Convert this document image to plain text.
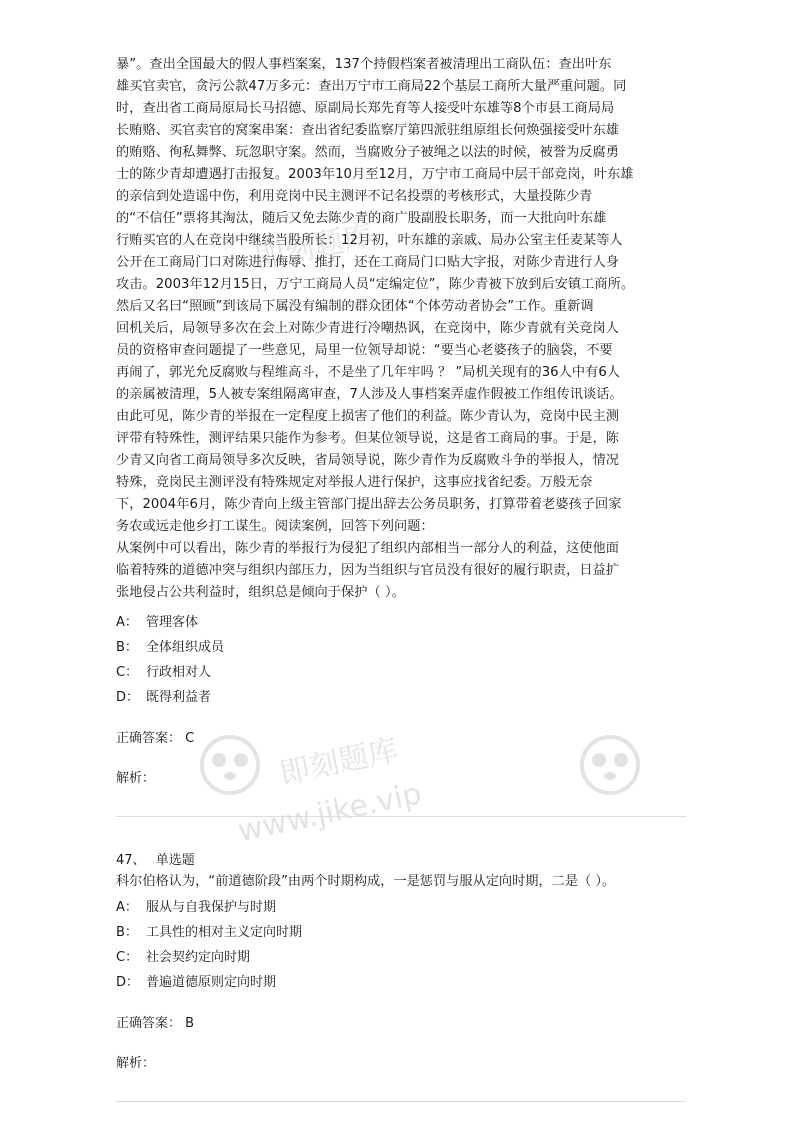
即刻题库
即刻题库
www.jike.vip

暴”。查出全国最大的假人事档案案，137个持假档案者被清理出工商队伍：查出叶东

雄买官卖官，贪污公款47万多元：查出万宁市工商局22个基层工商所大量严重问题。同

时，查出省工商局原局长马招德、原副局长郑先育等人接受叶东雄等8个市县工商局局

长贿赂、买官卖官的窝案串案：查出省纪委监察厅第四派驻组原组长何焕强接受叶东雄

的贿赂、徇私舞弊、玩忽职守案。然而，当腐败分子被绳之以法的时候，被誉为反腐勇

士的陈少青却遭遇打击报复。2003年10月至12月，万宁市工商局中层干部竞岗，叶东雄

的亲信到处造谣中伤，利用竞岗中民主测评不记名投票的考核形式，大量投陈少青

的“不信任”票将其淘汰，随后又免去陈少青的商广股副股长职务，而一大批向叶东雄

行贿买官的人在竞岗中继续当股所长：12月初，叶东雄的亲戚、局办公室主任麦某等人

公开在工商局门口对陈进行侮辱、推打，还在工商局门口贴大字报，对陈少青进行人身

攻击。2003年12月15日，万宁工商局人员“定编定位”，陈少青被下放到后安镇工商所。

然后又名曰“照顾”到该局下属没有编制的群众团体“个体劳动者协会”工作。重新调

回机关后，局领导多次在会上对陈少青进行冷嘲热讽，在竞岗中，陈少青就有关竞岗人

员的资格审查问题提了一些意见，局里一位领导却说：“要当心老婆孩子的脑袋，不要

再闹了，郭光允反腐败与程维高斗，不是坐了几年牢吗 ？ ”局机关现有的36人中有6人

的亲属被清理，5人被专案组隔离审查，7人涉及人事档案弄虚作假被工作组传讯谈话。

由此可见，陈少青的举报在一定程度上损害了他们的利益。陈少青认为，竞岗中民主测

评带有特殊性，测评结果只能作为参考。但某位领导说，这是省工商局的事。于是，陈

少青又向省工商局领导多次反映，省局领导说，陈少青作为反腐败斗争的举报人，情况

特殊，竞岗民主测评没有特殊规定对举报人进行保护，这事应找省纪委。万般无奈

下，2004年6月，陈少青向上级主管部门提出辞去公务员职务，打算带着老婆孩子回家

务农或远走他乡打工谋生。阅读案例，回答下列问题：

从案例中可以看出，陈少青的举报行为侵犯了组织内部相当一部分人的利益，这使他面

临着特殊的道德冲突与组织内部压力，因为当组织与官员没有很好的履行职责，日益扩

张地侵占公共利益时，组织总是倾向于保护（ ）。

A： 管理客体
B： 全体组织成员
C： 行政相对人
D： 既得利益者
正确答案： C
解析：
47、 单选题
科尔伯格认为，“前道德阶段”由两个时期构成，一是惩罚与服从定向时期，二是（ ）。
A： 服从与自我保护与时期
B： 工具性的相对主义定向时期
C： 社会契约定向时期
D： 普遍道德原则定向时期
正确答案： B
解析：
